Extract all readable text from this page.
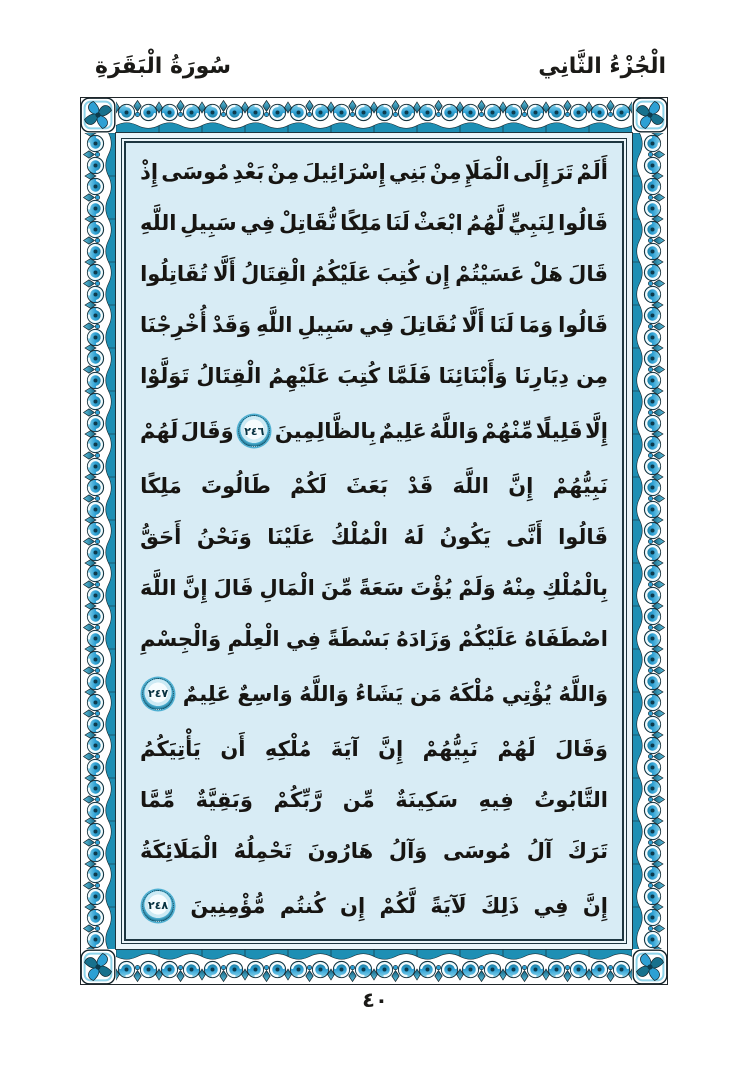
سُورَةُ الْبَقَرَةِ	الْجُزْءُ الثَّانِي
أَلَمْ
تَرَ
إِلَى
الْمَلَإِ
مِنْ
بَنِي
إِسْرَائِيلَ
مِنْ
بَعْدِ
مُوسَى
إِذْ
قَالُوا
لِنَبِيٍّ
لَّهُمُ
ابْعَثْ
لَنَا
مَلِكًا
نُّقَاتِلْ
فِي
سَبِيلِ
اللَّهِ
قَالَ
هَلْ
عَسَيْتُمْ
إِن
كُتِبَ
عَلَيْكُمُ
الْقِتَالُ
أَلَّا
تُقَاتِلُوا
قَالُوا
وَمَا
لَنَا
أَلَّا
نُقَاتِلَ
فِي
سَبِيلِ
اللَّهِ
وَقَدْ
أُخْرِجْنَا
مِن
دِيَارِنَا
وَأَبْنَائِنَا
فَلَمَّا
كُتِبَ
عَلَيْهِمُ
الْقِتَالُ
تَوَلَّوْا
إِلَّا
قَلِيلًا
مِّنْهُمْ
وَاللَّهُ
عَلِيمٌ
بِالظَّالِمِينَ
٢٤٦
وَقَالَ
لَهُمْ
نَبِيُّهُمْ
إِنَّ
اللَّهَ
قَدْ
بَعَثَ
لَكُمْ
طَالُوتَ
مَلِكًا
قَالُوا
أَنَّى
يَكُونُ
لَهُ
الْمُلْكُ
عَلَيْنَا
وَنَحْنُ
أَحَقُّ
بِالْمُلْكِ
مِنْهُ
وَلَمْ
يُؤْتَ
سَعَةً
مِّنَ
الْمَالِ
قَالَ
إِنَّ
اللَّهَ
اصْطَفَاهُ
عَلَيْكُمْ
وَزَادَهُ
بَسْطَةً
فِي
الْعِلْمِ
وَالْجِسْمِ
وَاللَّهُ
يُؤْتِي
مُلْكَهُ
مَن
يَشَاءُ
وَاللَّهُ
وَاسِعٌ
عَلِيمٌ
٢٤٧
وَقَالَ
لَهُمْ
نَبِيُّهُمْ
إِنَّ
آيَةَ
مُلْكِهِ
أَن
يَأْتِيَكُمُ
التَّابُوتُ
فِيهِ
سَكِينَةٌ
مِّن
رَّبِّكُمْ
وَبَقِيَّةٌ
مِّمَّا
تَرَكَ
آلُ
مُوسَى
وَآلُ
هَارُونَ
تَحْمِلُهُ
الْمَلَائِكَةُ
إِنَّ
فِي
ذَلِكَ
لَآيَةً
لَّكُمْ
إِن
كُنتُم
مُّؤْمِنِينَ
٢٤٨
٤٠
